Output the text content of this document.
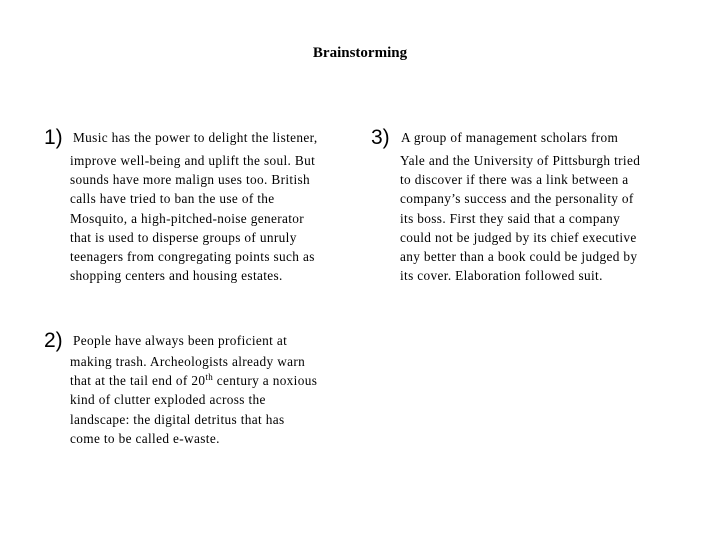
Brainstorming
1) Music has the power to delight the listener,
improve well-being and uplift the soul. But
sounds have more malign uses too. British
calls have tried to ban the use of the
Mosquito, a high-pitched-noise generator
that is used to disperse groups of unruly
teenagers from congregating points such as
shopping centers and housing estates.
2) People have always been proficient at
making trash. Archeologists already warn
that at the tail end of 20th century a noxious
kind of clutter exploded across the
landscape: the digital detritus that has
come to be called e-waste.
3) A group of management scholars from
Yale and the University of Pittsburgh tried
to discover if there was a link between a
company’s success and the personality of
its boss. First they said that a company
could not be judged by its chief executive
any better than a book could be judged by
its cover. Elaboration followed suit.
